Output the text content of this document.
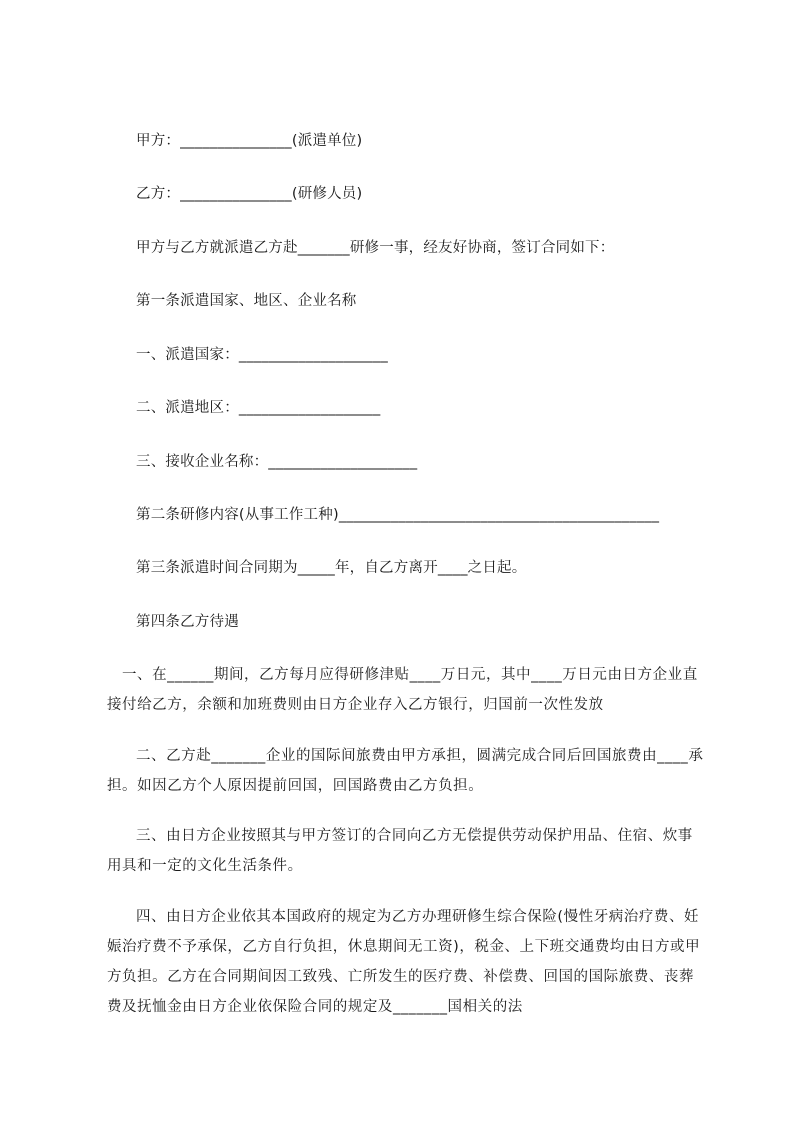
甲方：_______________(派遣单位)
乙方：_______________(研修人员)
甲方与乙方就派遣乙方赴_______研修一事，经友好协商，签订合同如下：
第一条派遣国家、地区、企业名称
一、派遣国家：____________________
二、派遣地区：___________________
三、接收企业名称：____________________
第二条研修内容(从事工作工种)___________________________________________
第三条派遣时间合同期为_____年，自乙方离开____之日起。
第四条乙方待遇
一、在______期间，乙方每月应得研修津贴____万日元，其中____万日元由日方企业直接付给乙方，余额和加班费则由日方企业存入乙方银行，归国前一次性发放
二、乙方赴_______企业的国际间旅费由甲方承担，圆满完成合同后回国旅费由____承担。如因乙方个人原因提前回国，回国路费由乙方负担。
三、由日方企业按照其与甲方签订的合同向乙方无偿提供劳动保护用品、住宿、炊事用具和一定的文化生活条件。
四、由日方企业依其本国政府的规定为乙方办理研修生综合保险(慢性牙病治疗费、妊娠治疗费不予承保，乙方自行负担，休息期间无工资)，税金、上下班交通费均由日方或甲方负担。乙方在合同期间因工致残、亡所发生的医疗费、补偿费、回国的国际旅费、丧葬费及抚恤金由日方企业依保险合同的规定及_______国相关的法
